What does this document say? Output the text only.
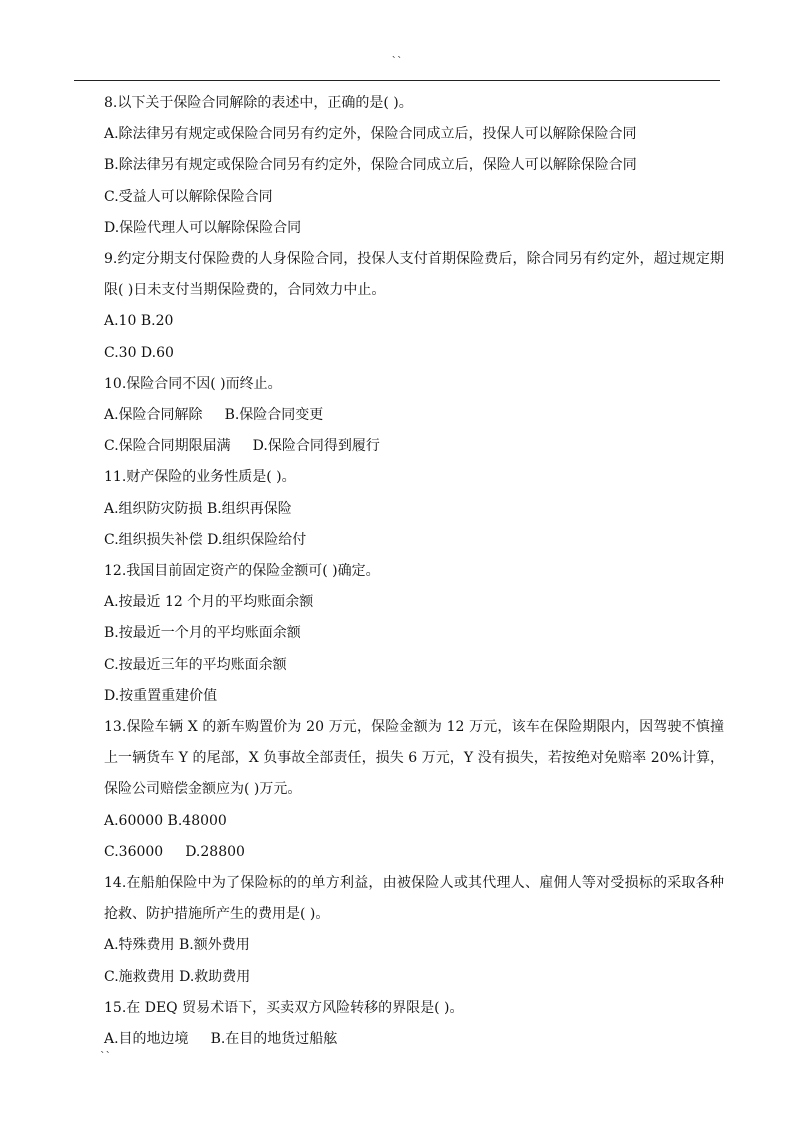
``
8.以下关于保险合同解除的表述中，正确的是( )。
A.除法律另有规定或保险合同另有约定外，保险合同成立后，投保人可以解除保险合同
B.除法律另有规定或保险合同另有约定外，保险合同成立后，保险人可以解除保险合同
C.受益人可以解除保险合同
D.保险代理人可以解除保险合同
9.约定分期支付保险费的人身保险合同，投保人支付首期保险费后，除合同另有约定外，超过规定期限( )日未支付当期保险费的，合同效力中止。
A.10 B.20
C.30 D.60
10.保险合同不因( )而终止。
A.保险合同解除 B.保险合同变更
C.保险合同期限届满 D.保险合同得到履行
11.财产保险的业务性质是( )。
A.组织防灾防损 B.组织再保险
C.组织损失补偿 D.组织保险给付
12.我国目前固定资产的保险金额可( )确定。
A.按最近 12 个月的平均账面余额
B.按最近一个月的平均账面余额
C.按最近三年的平均账面余额
D.按重置重建价值
13.保险车辆 X 的新车购置价为 20 万元，保险金额为 12 万元，该车在保险期限内，因驾驶不慎撞上一辆货车 Y 的尾部，X 负事故全部责任，损失 6 万元，Y 没有损失，若按绝对免赔率 20%计算，保险公司赔偿金额应为( )万元。
A.60000 B.48000
C.36000 D.28800
14.在船舶保险中为了保险标的的单方利益，由被保险人或其代理人、雇佣人等对受损标的采取各种抢救、防护措施所产生的费用是( )。
A.特殊费用 B.额外费用
C.施救费用 D.救助费用
15.在 DEQ 贸易术语下，买卖双方风险转移的界限是( )。
A.目的地边境 B.在目的地货过船舷
``
